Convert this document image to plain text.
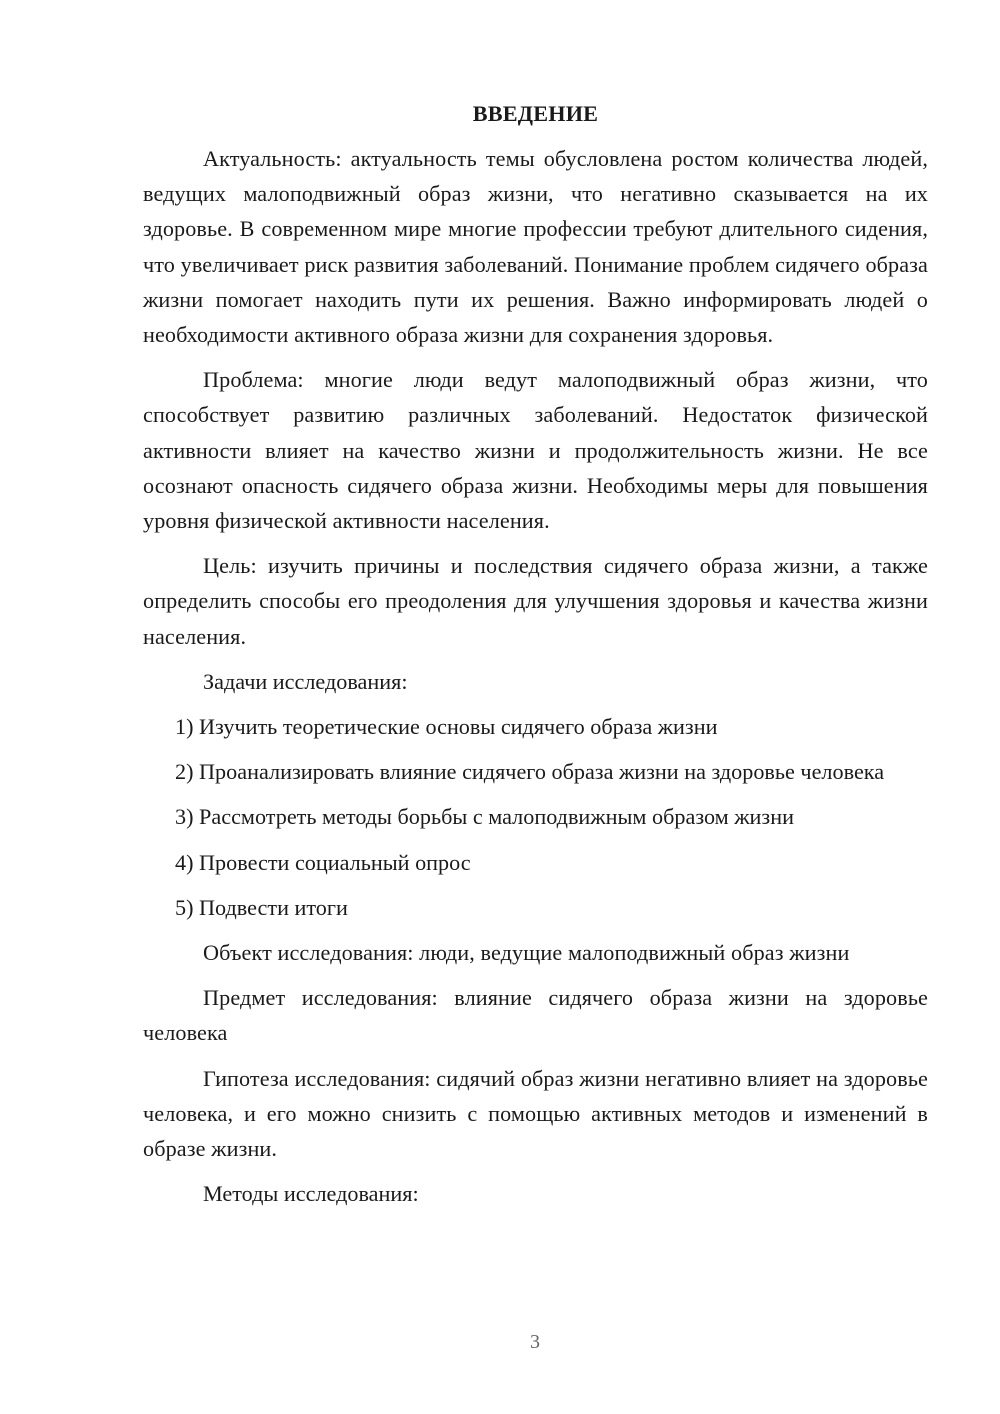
ВВЕДЕНИЕ

Актуальность: актуальность темы обусловлена ростом количества людей, ведущих малоподвижный образ жизни, что негативно сказывается на их здоровье. В современном мире многие профессии требуют длительного сидения, что увеличивает риск развития заболеваний. Понимание проблем сидячего образа жизни помогает находить пути их решения. Важно информировать людей о необходимости активного образа жизни для сохранения здоровья.

Проблема: многие люди ведут малоподвижный образ жизни, что способствует развитию различных заболеваний. Недостаток физической активности влияет на качество жизни и продолжительность жизни. Не все осознают опасность сидячего образа жизни. Необходимы меры для повышения уровня физической активности населения.

Цель: изучить причины и последствия сидячего образа жизни, а также определить способы его преодоления для улучшения здоровья и качества жизни населения.

Задачи исследования:

1) Изучить теоретические основы сидячего образа жизни

2) Проанализировать влияние сидячего образа жизни на здоровье человека

3) Рассмотреть методы борьбы с малоподвижным образом жизни

4) Провести социальный опрос

5) Подвести итоги

Объект исследования: люди, ведущие малоподвижный образ жизни

Предмет исследования: влияние сидячего образа жизни на здоровье человека

Гипотеза исследования: сидячий образ жизни негативно влияет на здоровье человека, и его можно снизить с помощью активных методов и изменений в образе жизни.

Методы исследования:

3
